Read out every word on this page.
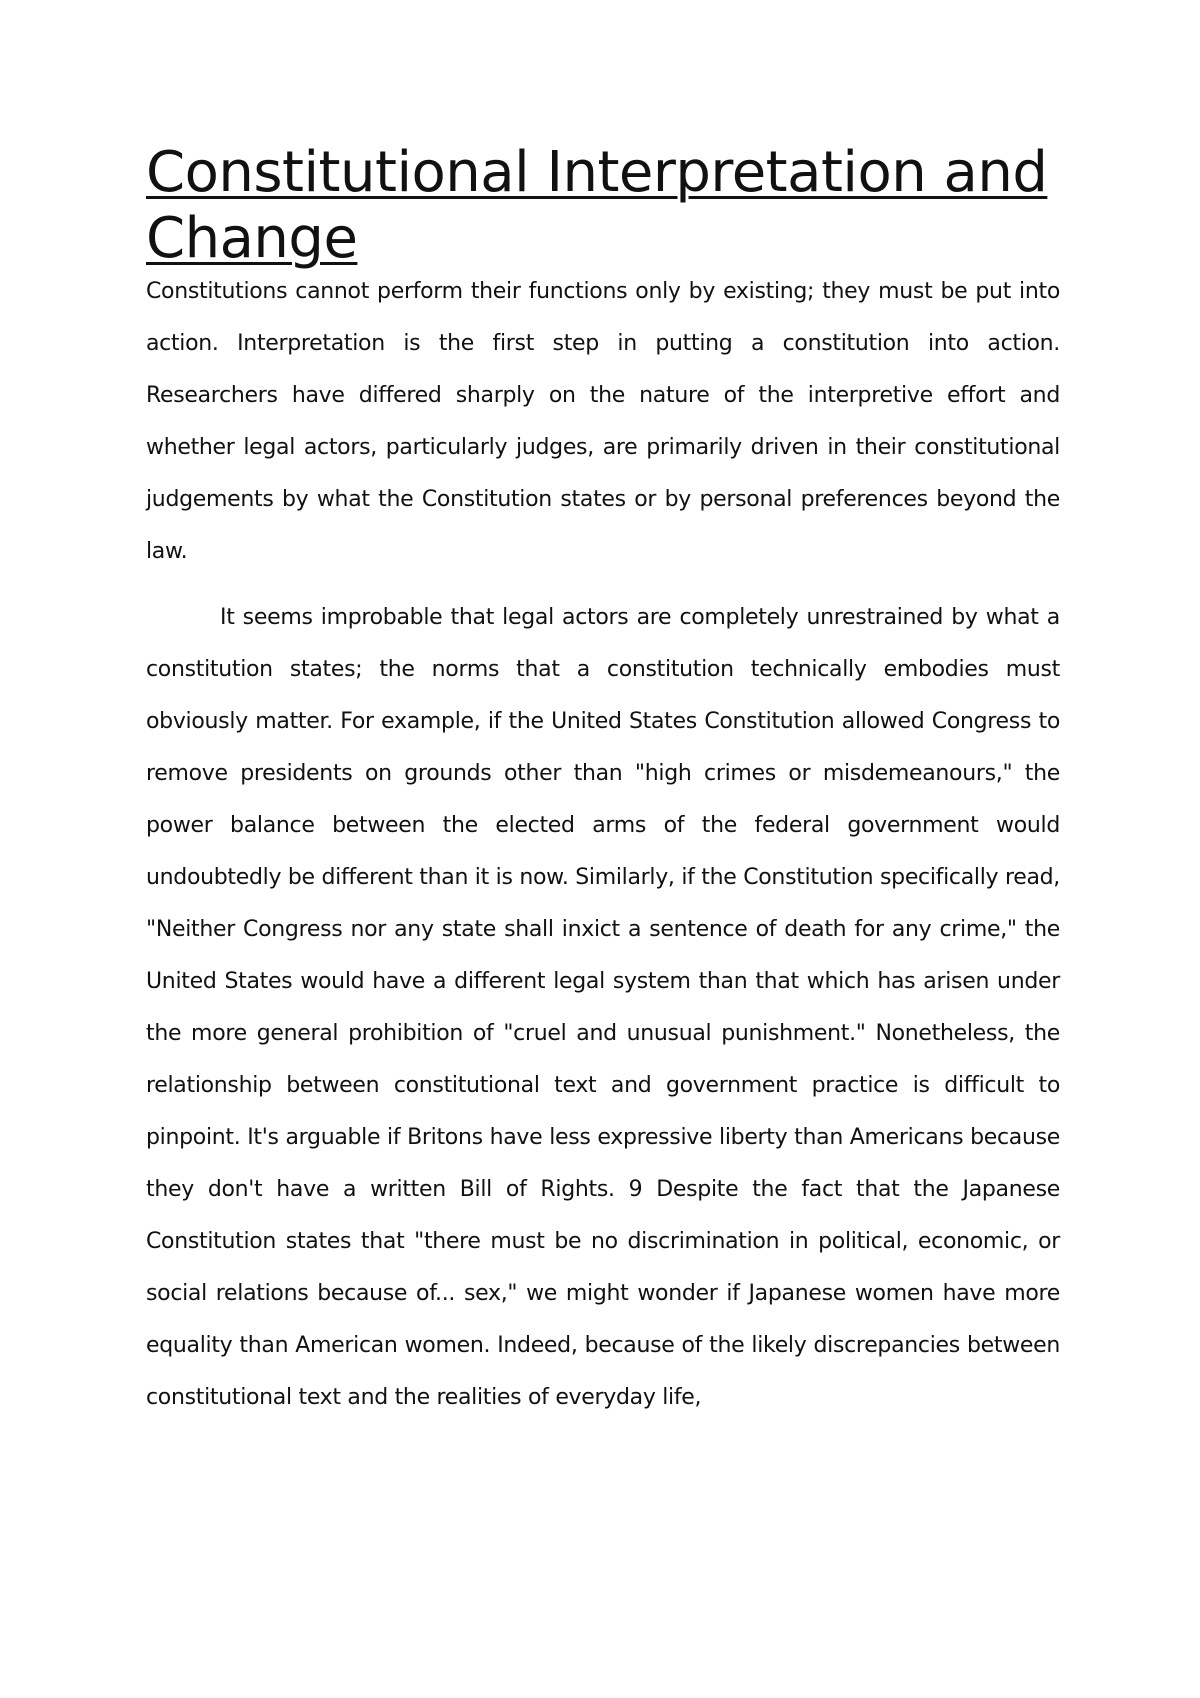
Constitutional Interpretation and Change

Constitutions cannot perform their functions only by existing; they must be put into action. Interpretation is the first step in putting a constitution into action. Researchers have differed sharply on the nature of the interpretive effort and whether legal actors, particularly judges, are primarily driven in their constitutional judgements by what the Constitution states or by personal preferences beyond the law.

It seems improbable that legal actors are completely unrestrained by what a constitution states; the norms that a constitution technically embodies must obviously matter. For example, if the United States Constitution allowed Congress to remove presidents on grounds other than "high crimes or misdemeanours," the power balance between the elected arms of the federal government would undoubtedly be different than it is now. Similarly, if the Constitution specifically read, "Neither Congress nor any state shall inxict a sentence of death for any crime," the United States would have a different legal system than that which has arisen under the more general prohibition of "cruel and unusual punishment." Nonetheless, the relationship between constitutional text and government practice is difficult to pinpoint. It's arguable if Britons have less expressive liberty than Americans because they don't have a written Bill of Rights. 9 Despite the fact that the Japanese Constitution states that "there must be no discrimination in political, economic, or social relations because of... sex," we might wonder if Japanese women have more equality than American women. Indeed, because of the likely discrepancies between constitutional text and the realities of everyday life,
